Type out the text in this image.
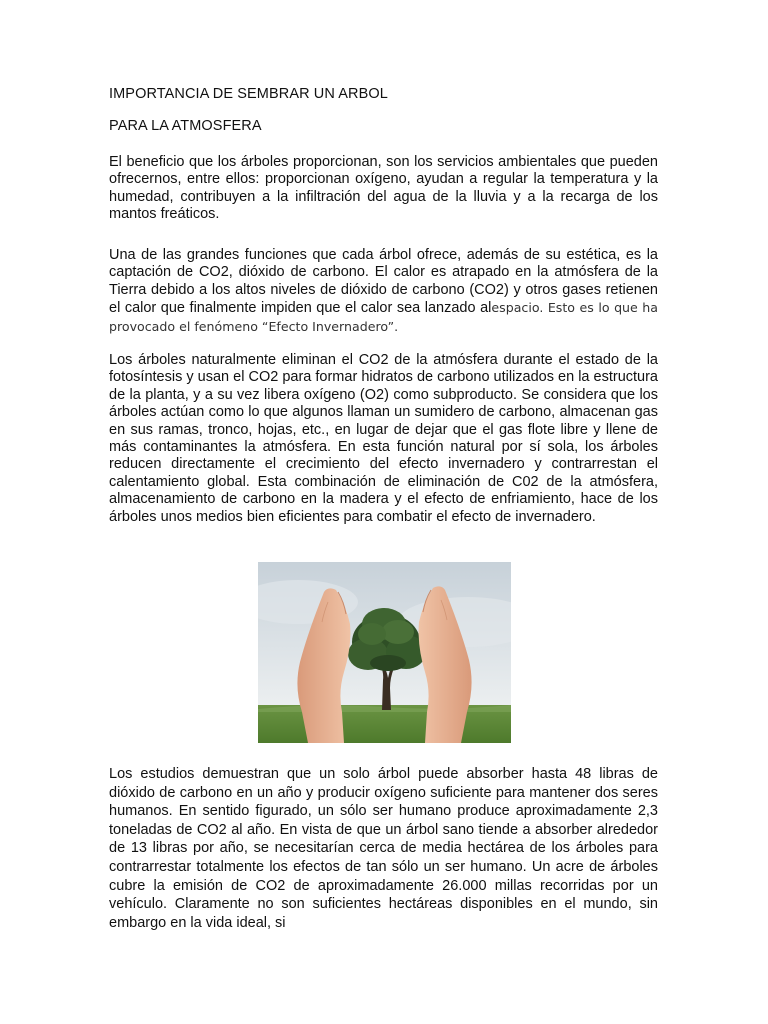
IMPORTANCIA DE SEMBRAR UN ARBOL
PARA LA ATMOSFERA

El beneficio que los árboles proporcionan, son los servicios ambientales que pueden ofrecernos, entre ellos: proporcionan oxígeno, ayudan a regular la temperatura y la humedad, contribuyen a la infiltración del agua de la lluvia y a la recarga de los mantos freáticos.

Una de las grandes funciones que cada árbol ofrece, además de su estética, es la captación de CO2, dióxido de carbono. El calor es atrapado en la atmósfera de la Tierra debido a los altos niveles de dióxido de carbono (CO2) y otros gases retienen el calor que finalmente impiden que el calor sea lanzado alespacio. Esto es lo que ha provocado el fenómeno “Efecto Invernadero”.

Los árboles naturalmente eliminan el CO2 de la atmósfera durante el estado de la fotosíntesis y usan el CO2 para formar hidratos de carbono utilizados en la estructura de la planta, y a su vez libera oxígeno (O2) como subproducto. Se considera que los árboles actúan como lo que algunos llaman un sumidero de carbono, almacenan gas en sus ramas, tronco, hojas, etc., en lugar de dejar que el gas flote libre y llene de más contaminantes la atmósfera. En esta función natural por sí sola, los árboles reducen directamente el crecimiento del efecto invernadero y contrarrestan el calentamiento global. Esta combinación de eliminación de C02 de la atmósfera, almacenamiento de carbono en la madera y el efecto de enfriamiento, hace de los árboles unos medios bien eficientes para combatir el efecto de invernadero.

Los estudios demuestran que un solo árbol puede absorber hasta 48 libras de dióxido de carbono en un año y producir oxígeno suficiente para mantener dos seres humanos. En sentido figurado, un sólo ser humano produce aproximadamente 2,3 toneladas de CO2 al año. En vista de que un árbol sano tiende a absorber alrededor de 13 libras por año, se necesitarían cerca de media hectárea de los árboles para contrarrestar totalmente los efectos de tan sólo un ser humano. Un acre de árboles cubre la emisión de CO2 de aproximadamente 26.000 millas recorridas por un vehículo. Claramente no son suficientes hectáreas disponibles en el mundo, sin embargo en la vida ideal, si
